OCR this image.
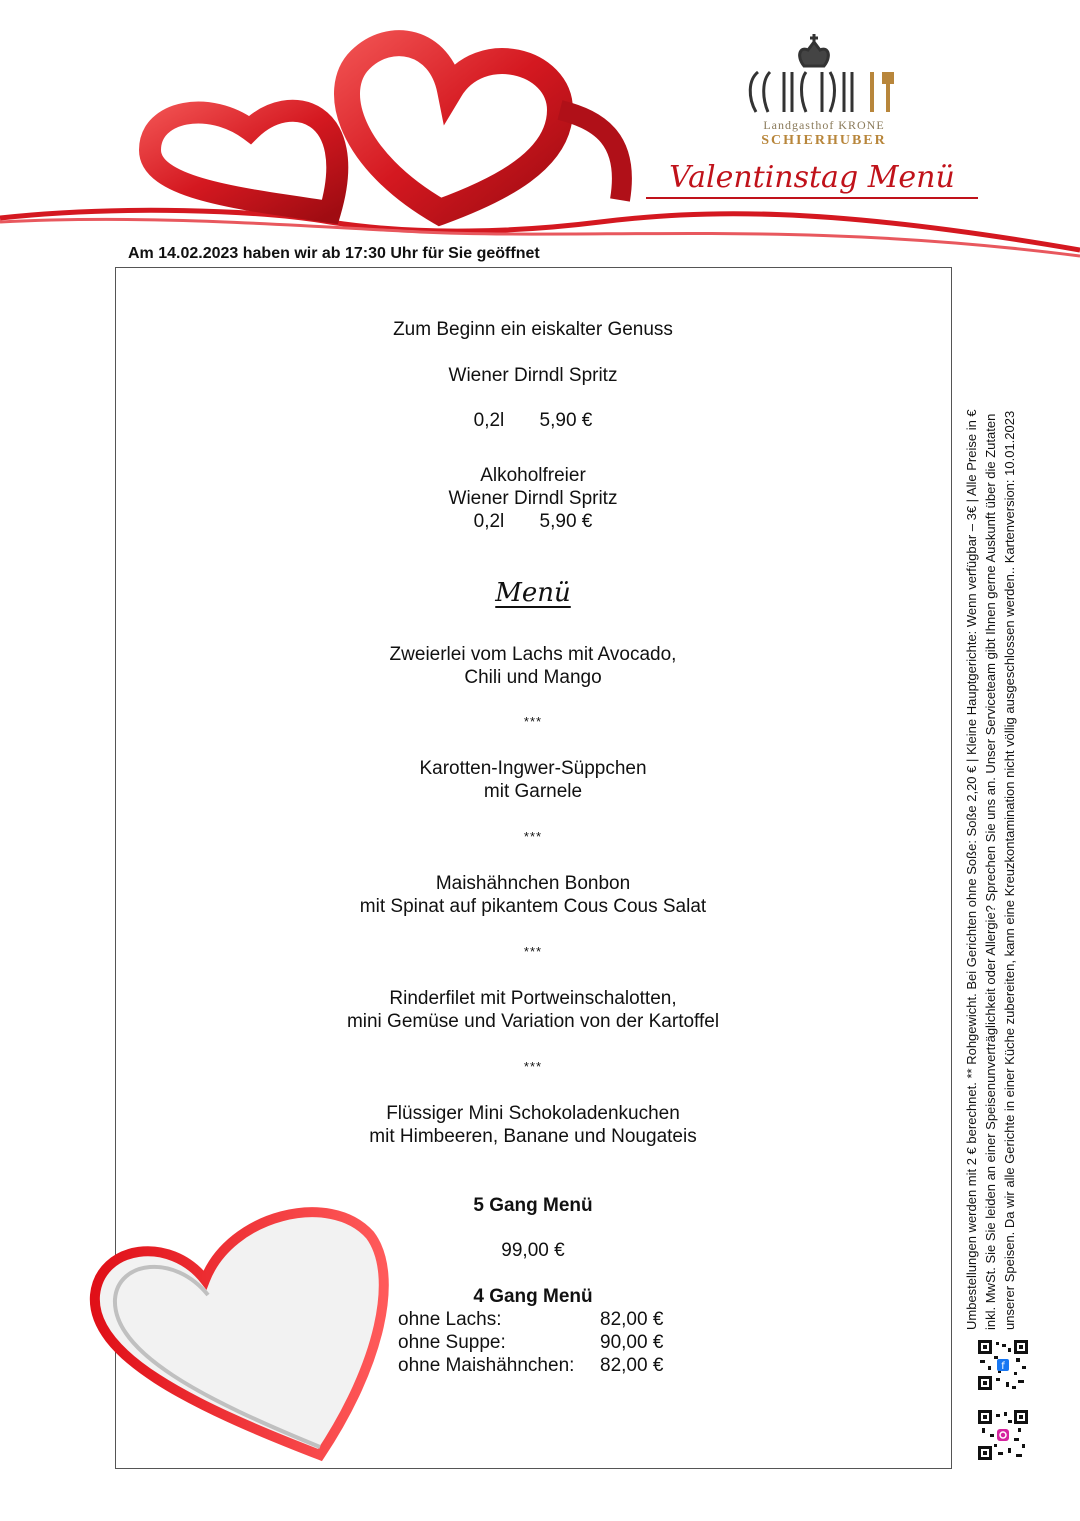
Landgasthof KRONE
SCHIERHUBER
Valentinstag Menü
Am 14.02.2023 haben wir ab 17:30 Uhr für Sie geöffnet
Zum Beginn ein eiskalter Genuss
Wiener Dirndl Spritz
0,2l 5,90 €
Alkoholfreier
Wiener Dirndl Spritz
0,2l 5,90 €
Menü
Zweierlei vom Lachs mit Avocado,
Chili und Mango
***
Karotten-Ingwer-Süppchen
mit Garnele
***
Maishähnchen Bonbon
mit Spinat auf pikantem Cous Cous Salat
***
Rinderfilet mit Portweinschalotten,
mini Gemüse und Variation von der Kartoffel
***
Flüssiger Mini Schokoladenkuchen
mit Himbeeren, Banane und Nougateis
5 Gang Menü
99,00 €
4 Gang Menü
ohne Lachs:	82,00 €
ohne Suppe:	90,00 €
ohne Maishähnchen:	82,00 €
Umbestellungen werden mit 2 € berechnet. ** Rohgewicht. Bei Gerichten ohne Soße: Soße 2,20 € | Kleine Hauptgerichte: Wenn verfügbar – 3€ | Alle Preise in € inkl. MwSt. Sie Sie leiden an einer Speisenunverträglichkeit oder Allergie? Sprechen Sie uns an. Unser Serviceteam gibt Ihnen gerne Auskunft über die Zutaten unserer Speisen. Da wir alle Gerichte in einer Küche zubereiten, kann eine Kreuzkontamination nicht völlig ausgeschlossen werden.. Kartenversion: 10.01.2023
f
